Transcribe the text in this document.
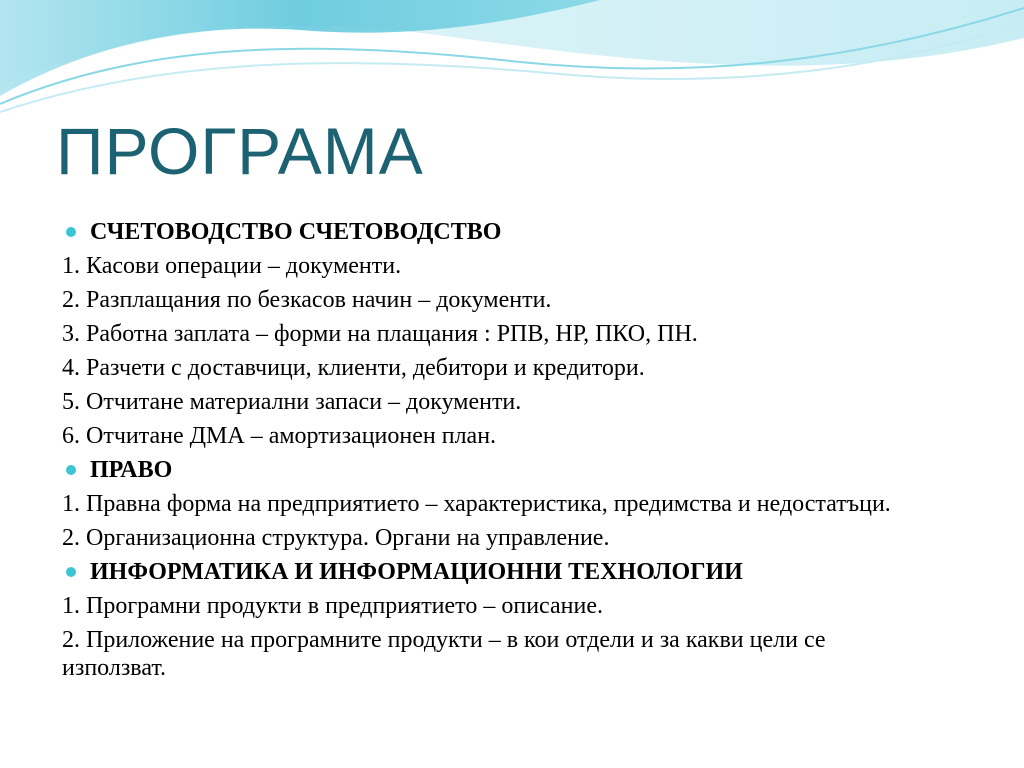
ПРОГРАМА
СЧЕТОВОДСТВО СЧЕТОВОДСТВО
1. Касови операции – документи.
2. Разплащания по безкасов начин – документи.
3. Работна заплата – форми на плащания : РПВ, НР, ПКО, ПН.
4. Разчети с доставчици, клиенти, дебитори и кредитори.
5. Отчитане материални запаси – документи.
6. Отчитане ДМА – амортизационен план.
ПРАВО
1. Правна форма на предприятието – характеристика, предимства и недостатъци.
2. Организационна структура. Органи на управление.
ИНФОРМАТИКА И ИНФОРМАЦИОННИ ТЕХНОЛОГИИ
1. Програмни продукти в предприятието – описание.
2. Приложение на програмните продукти – в кои отдели и за какви цели се използват.
